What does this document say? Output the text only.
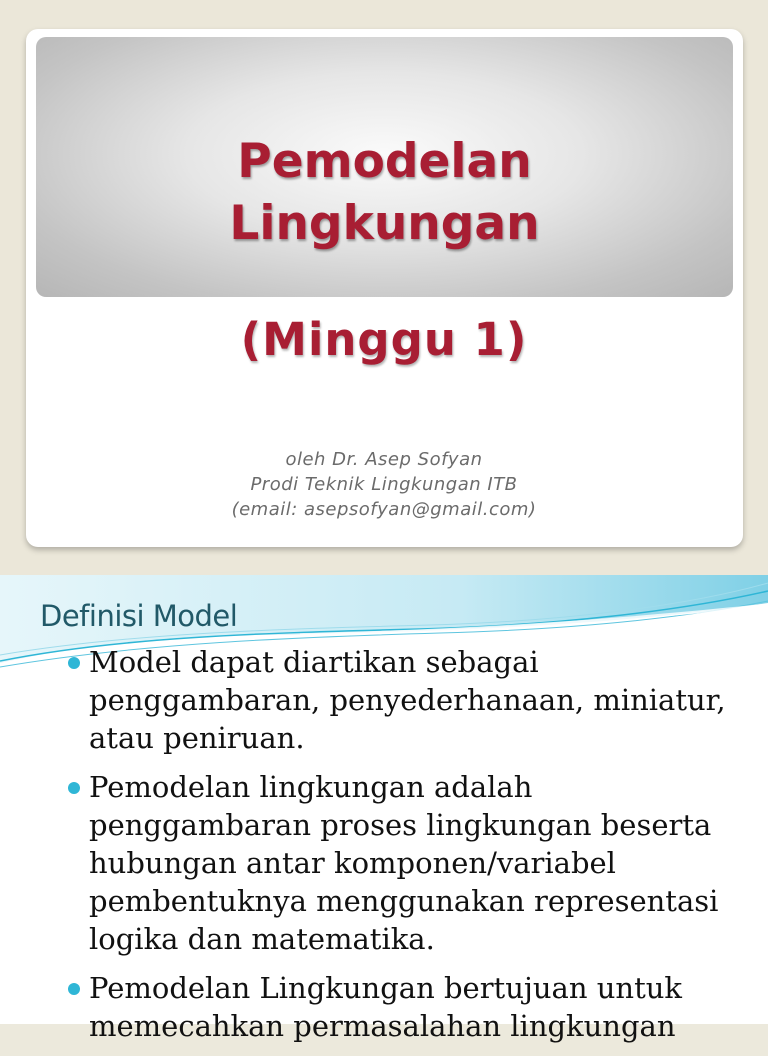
Pemodelan
Lingkungan
(Minggu 1)
oleh Dr. Asep Sofyan
Prodi Teknik Lingkungan ITB
(email: asepsofyan@gmail.com)
Definisi Model
Model dapat diartikan sebagai
penggambaran, penyederhanaan, miniatur,
atau peniruan.
Pemodelan lingkungan adalah
penggambaran proses lingkungan beserta
hubungan antar komponen/variabel
pembentuknya menggunakan representasi
logika dan matematika.
Pemodelan Lingkungan bertujuan untuk
memecahkan permasalahan lingkungan
